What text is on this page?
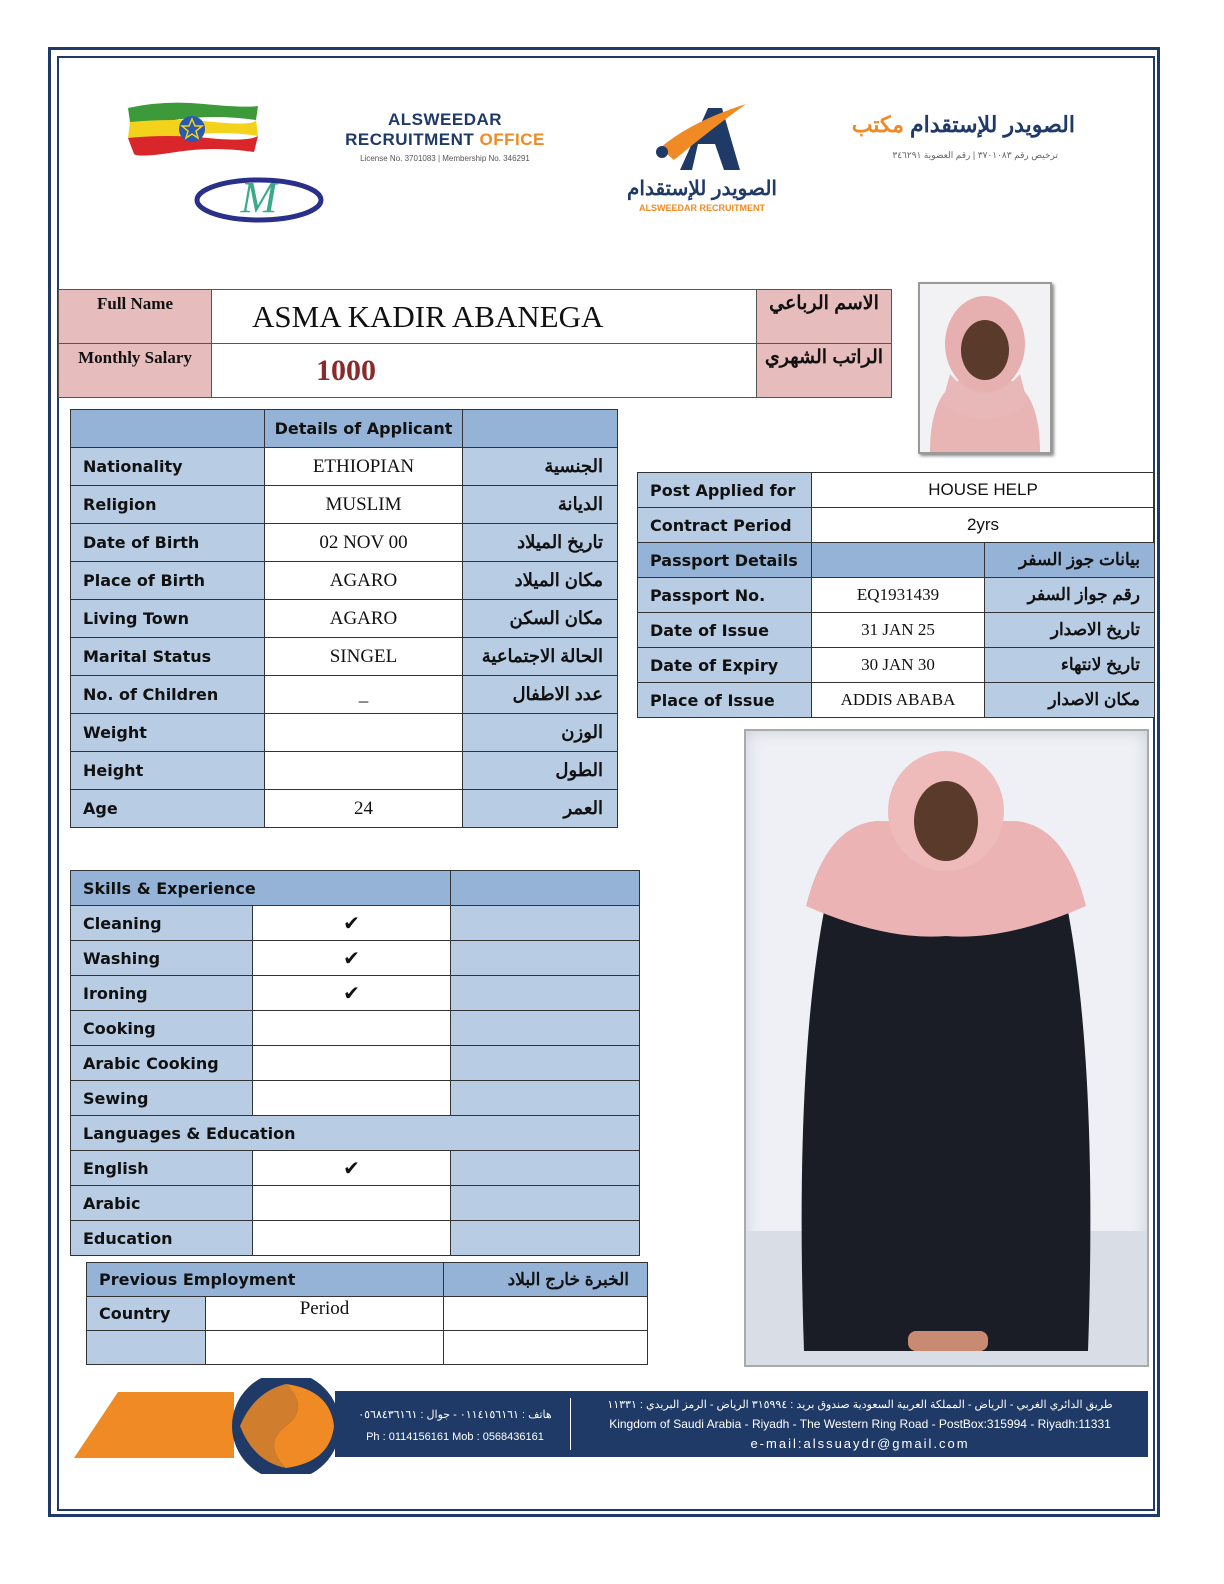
M
ALSWEEDAR
RECRUITMENT OFFICE
License No. 3701083 | Membership No. 346291
الصويدر للإستقدام
ALSWEEDAR RECRUITMENT
الصويدر للإستقدام مكتب
ترخيص رقم ٣٧٠١٠٨٣ | رقم العضوية ٣٤٦٢٩١
Full Name	ASMA KADIR ABANEGA	الاسم الرباعي
Monthly Salary	1000	الراتب الشهري
	Details of Applicant	
Nationality	ETHIOPIAN	الجنسية
Religion	MUSLIM	الديانة
Date of Birth	02 NOV 00	تاريخ الميلاد
Place of Birth	AGARO	مكان الميلاد
Living Town	AGARO	مكان السكن
Marital Status	SINGEL	الحالة الاجتماعية
No. of Children	_	عدد الاطفال
Weight		الوزن
Height		الطول
Age	24	العمر
Post Applied for	HOUSE HELP	
Contract Period	2yrs	
Passport Details		بيانات جوز السفر
Passport No.	EQ1931439	رقم جواز السفر
Date of Issue	31 JAN 25	تاريخ الاصدار
Date of Expiry	30 JAN 30	تاريخ لانتهاء
Place of Issue	ADDIS ABABA	مكان الاصدار
Skills & Experience		
Cleaning	✔	
Washing	✔	
Ironing	✔	
Cooking		
Arabic Cooking		
Sewing		
Languages & Education		
English	✔	
Arabic		
Education		
Previous Employment		الخبرة خارج البلاد
Country	Period	

هاتف : ٠١١٤١٥٦١٦١ - جوال : ٠٥٦٨٤٣٦١٦١
Ph : 0114156161 Mob : 0568436161
طريق الدائري الغربي - الرياض - المملكة العربية السعودية صندوق بريد : ٣١٥٩٩٤ الرياض - الرمز البريدي : ١١٣٣١
Kingdom of Saudi Arabia - Riyadh - The Western Ring Road - PostBox:315994 - Riyadh:11331
e-mail:alssuaydr@gmail.com
